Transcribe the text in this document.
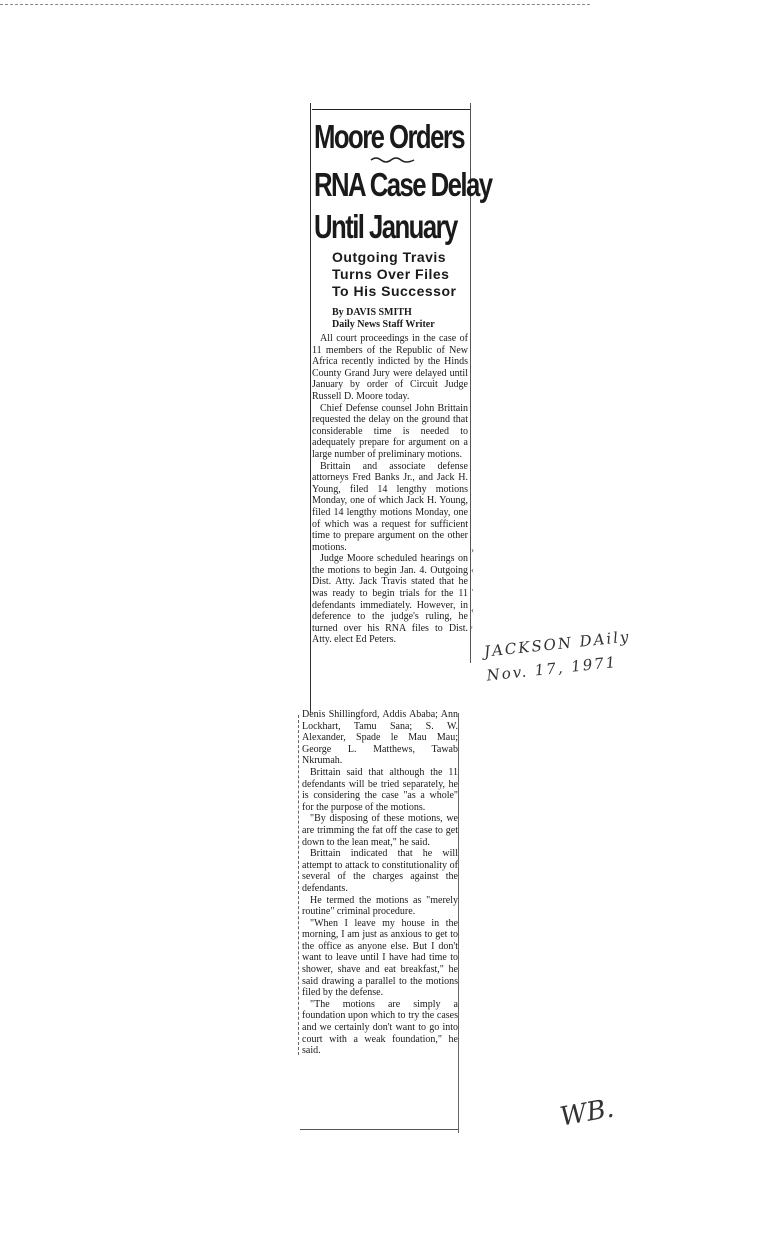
Moore Orders
RNA Case Delay
Until January
Outgoing Travis
Turns Over Files
To His Successor
By DAVIS SMITH
Daily News Staff Writer

All court proceedings in the case of 11 members of the Republic of New Africa recently indicted by the Hinds County Grand Jury were delayed until January by order of Circuit Judge Russell D. Moore today.

Chief Defense counsel John Brittain requested the delay on the ground that considerable time is needed to adequately prepare for argument on a large number of preliminary motions.

Brittain and associate defense attorneys Fred Banks Jr., and Jack H. Young, filed 14 lengthy motions Monday, one of which Jack H. Young, filed 14 lengthy motions Monday, one of which was a request for sufficient time to prepare argument on the other motions.

Judge Moore scheduled hearings on the motions to begin Jan. 4. Outgoing Dist. Atty. Jack Travis stated that he was ready to begin trials for the 11 defendants immediately. However, in deference to the judge's ruling, he turned over his RNA files to Dist. Atty. elect Ed Peters.

Denis Shillingford, Addis Ababa; Ann Lockhart, Tamu Sana; S. W. Alexander, Spade le Mau Mau; George L. Matthews, Tawab Nkrumah.

Brittain said that although the 11 defendants will be tried separately, he is considering the case "as a whole" for the purpose of the motions.

"By disposing of these motions, we are trimming the fat off the case to get down to the lean meat," he said.

Brittain indicated that he will attempt to attack to constitutionality of several of the charges against the defendants.

He termed the motions as "merely routine" criminal procedure.

"When I leave my house in the morning, I am just as anxious to get to the office as anyone else. But I don't want to leave until I have had time to shower, shave and eat breakfast," he said drawing a parallel to the motions filed by the defense.

"The motions are simply a foundation upon which to try the cases and we certainly don't want to go into court with a weak foundation," he said.

›
‹
·
‹
' JACKSON DAily
Nov. 17, 1971
WB.
